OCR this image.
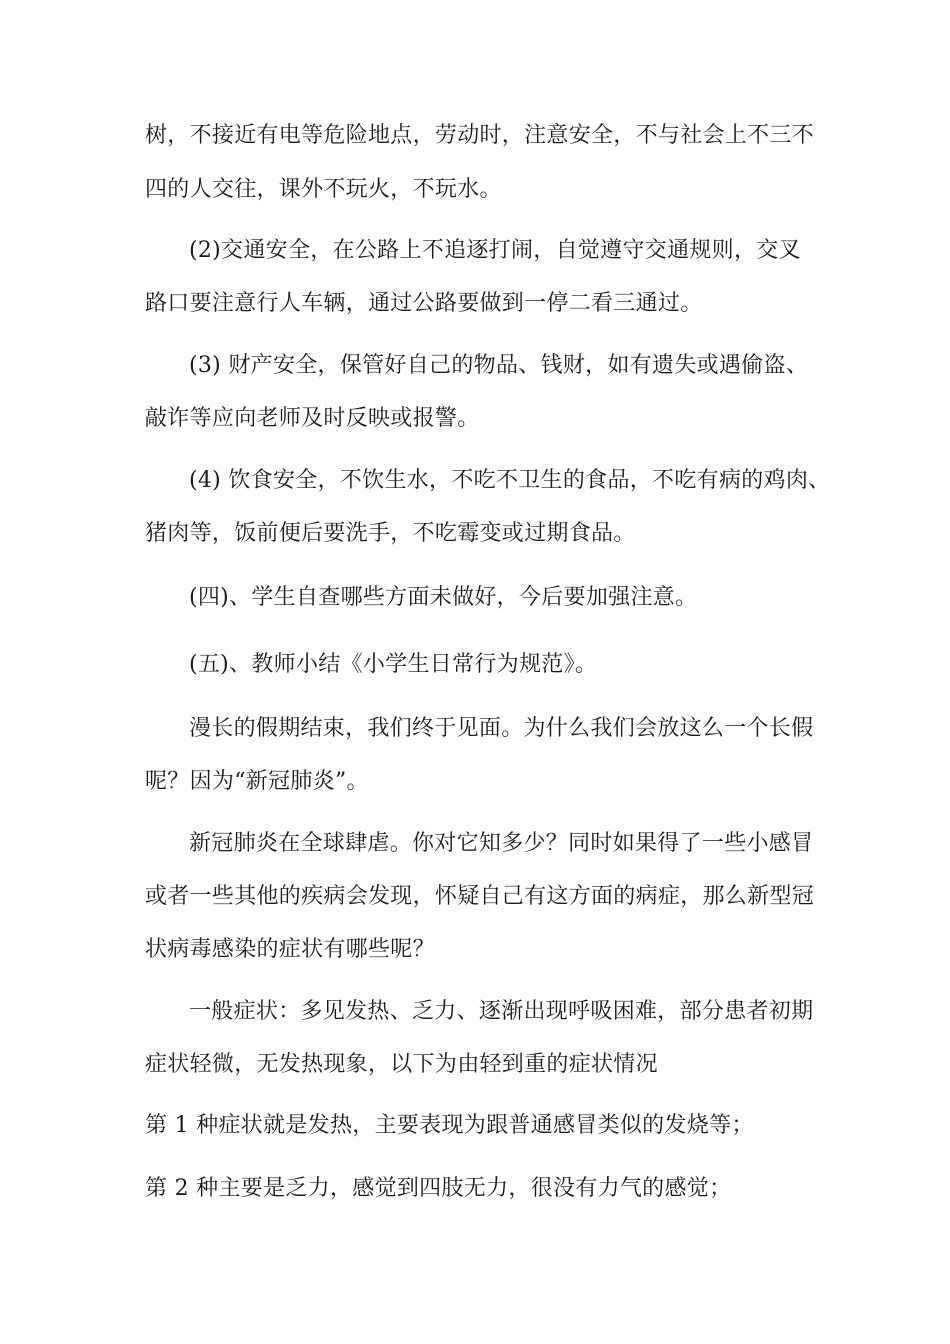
树，不接近有电等危险地点，劳动时，注意安全，不与社会上不三不
四的人交往，课外不玩火，不玩水。
(2)交通安全，在公路上不追逐打闹，自觉遵守交通规则，交叉
路口要注意行人车辆，通过公路要做到一停二看三通过。
(3) 财产安全，保管好自己的物品、钱财，如有遗失或遇偷盗、
敲诈等应向老师及时反映或报警。
(4) 饮食安全，不饮生水，不吃不卫生的食品，不吃有病的鸡肉、
猪肉等，饭前便后要洗手，不吃霉变或过期食品。
(四)、学生自查哪些方面未做好，今后要加强注意。
(五)、教师小结《小学生日常行为规范》。
漫长的假期结束，我们终于见面。为什么我们会放这么一个长假
呢？因为“新冠肺炎”。
新冠肺炎在全球肆虐。你对它知多少？同时如果得了一些小感冒
或者一些其他的疾病会发现，怀疑自己有这方面的病症，那么新型冠
状病毒感染的症状有哪些呢？
一般症状：多见发热、乏力、逐渐出现呼吸困难，部分患者初期
症状轻微，无发热现象，以下为由轻到重的症状情况
第 1 种症状就是发热，主要表现为跟普通感冒类似的发烧等；
第 2 种主要是乏力，感觉到四肢无力，很没有力气的感觉；
